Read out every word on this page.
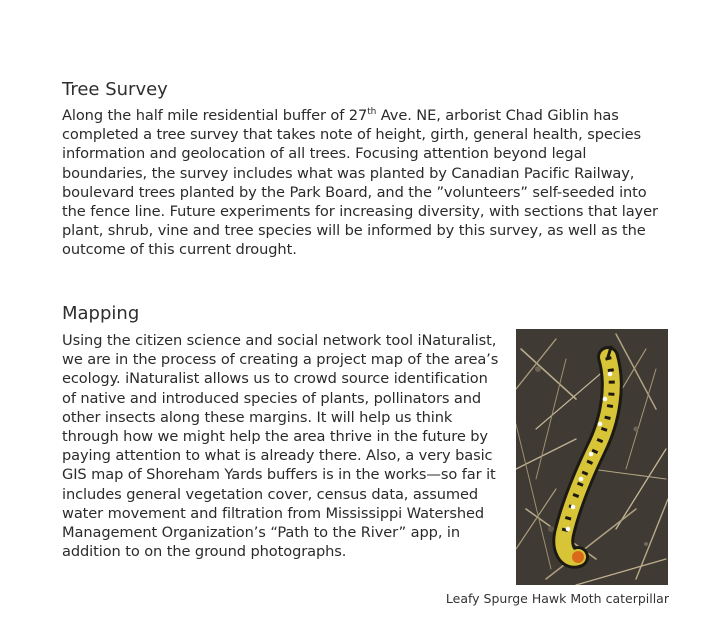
Tree Survey

Along the half mile residential buffer of 27th Ave. NE, arborist Chad Giblin has completed a tree survey that takes note of height, girth, general health, species information and geolocation of all trees. Focusing attention beyond legal boundaries, the survey includes what was planted by Canadian Pacific Railway, boulevard trees planted by the Park Board, and the ”volunteers” self-seeded into the fence line. Future experiments for increasing diversity, with sections that layer plant, shrub, vine and tree species will be informed by this survey, as well as the outcome of this current drought.

Mapping

Using the citizen science and social network tool iNaturalist, we are in the process of creating a project map of the area’s ecology. iNaturalist allows us to crowd source identification of native and introduced species of plants, pollinators and other insects along these margins. It will help us think through how we might help the area thrive in the future by paying attention to what is already there. Also, a very basic GIS map of Shoreham Yards buffers is in the works—so far it includes general vegetation cover, census data, assumed water movement and filtration from Mississippi Watershed Management Organization’s “Path to the River” app, in addition to on the ground photographs.

Leafy Spurge Hawk Moth caterpillar
